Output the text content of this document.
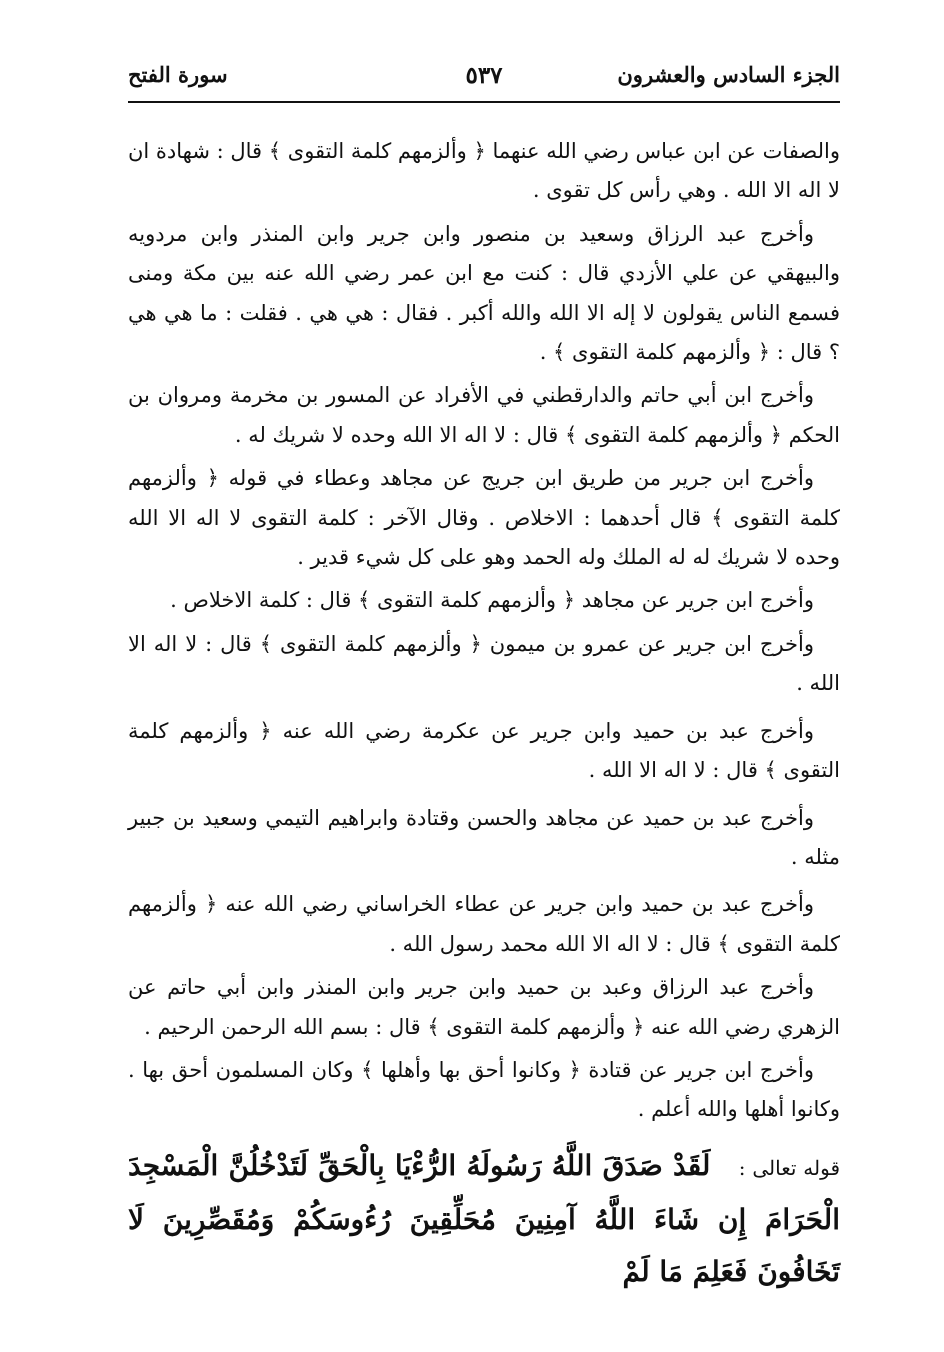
الجزء السادس والعشرون
٥٣٧
سورة الفتح

والصفات عن ابن عباس رضي الله عنهما ﴿ وألزمهم كلمة التقوى ﴾ قال : شهادة ان لا اله الا الله . وهي رأس كل تقوى .

وأخرج عبد الرزاق وسعيد بن منصور وابن جرير وابن المنذر وابن مردويه والبيهقي عن علي الأزدي قال : كنت مع ابن عمر رضي الله عنه بين مكة ومنى فسمع الناس يقولون لا إله الا الله والله أكبر . فقال : هي هي . فقلت : ما هي هي ؟ قال : ﴿ وألزمهم كلمة التقوى ﴾ .

وأخرج ابن أبي حاتم والدارقطني في الأفراد عن المسور بن مخرمة ومروان بن الحكم ﴿ وألزمهم كلمة التقوى ﴾ قال : لا اله الا الله وحده لا شريك له .

وأخرج ابن جرير من طريق ابن جريج عن مجاهد وعطاء في قوله ﴿ وألزمهم كلمة التقوى ﴾ قال أحدهما : الاخلاص . وقال الآخر : كلمة التقوى لا اله الا الله وحده لا شريك له له الملك وله الحمد وهو على كل شيء قدير .

وأخرج ابن جرير عن مجاهد ﴿ وألزمهم كلمة التقوى ﴾ قال : كلمة الاخلاص .

وأخرج ابن جرير عن عمرو بن ميمون ﴿ وألزمهم كلمة التقوى ﴾ قال : لا اله الا الله .

وأخرج عبد بن حميد وابن جرير عن عكرمة رضي الله عنه ﴿ وألزمهم كلمة التقوى ﴾ قال : لا اله الا الله .

وأخرج عبد بن حميد عن مجاهد والحسن وقتادة وابراهيم التيمي وسعيد بن جبير مثله .

وأخرج عبد بن حميد وابن جرير عن عطاء الخراساني رضي الله عنه ﴿ وألزمهم كلمة التقوى ﴾ قال : لا اله الا الله محمد رسول الله .

وأخرج عبد الرزاق وعبد بن حميد وابن جرير وابن المنذر وابن أبي حاتم عن الزهري رضي الله عنه ﴿ وألزمهم كلمة التقوى ﴾ قال : بسم الله الرحمن الرحيم .

وأخرج ابن جرير عن قتادة ﴿ وكانوا أحق بها وأهلها ﴾ وكان المسلمون أحق بها . وكانوا أهلها والله أعلم .

قوله تعالى : لَقَدْ صَدَقَ اللَّهُ رَسُولَهُ الرُّءْيَا بِالْحَقِّ لَتَدْخُلُنَّ الْمَسْجِدَ الْحَرَامَ إِن شَاءَ اللَّهُ آمِنِينَ مُحَلِّقِينَ رُءُوسَكُمْ وَمُقَصِّرِينَ لَا تَخَافُونَ فَعَلِمَ مَا لَمْ
